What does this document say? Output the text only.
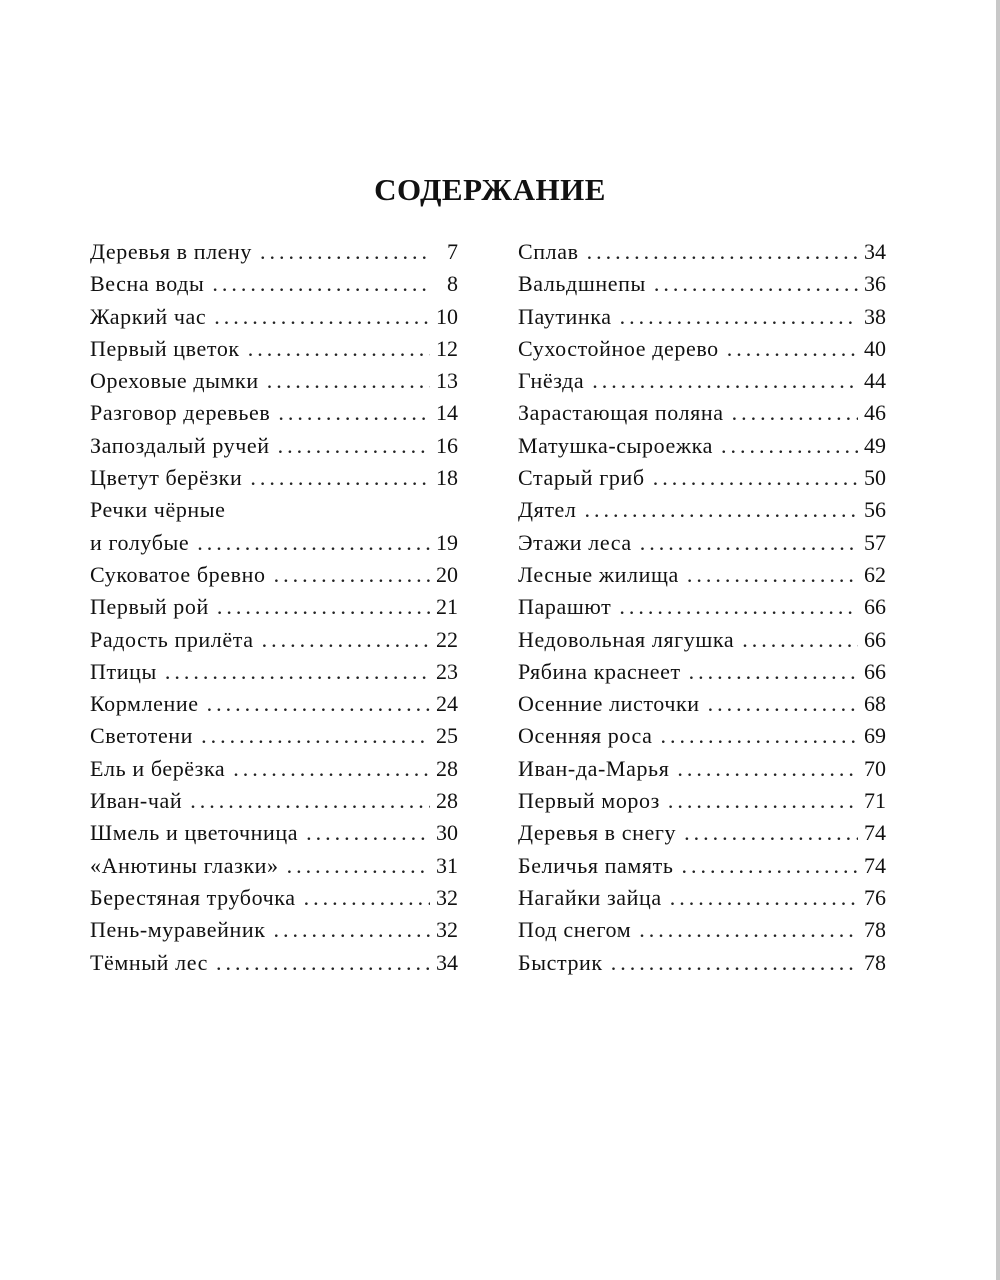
СОДЕРЖАНИЕ
Деревья в плену .....	7
Весна воды .....	8
Жаркий час .....	10
Первый цветок .....	12
Ореховые дымки .....	13
Разговор деревьев .....	14
Запоздалый ручей .....	16
Цветут берёзки .....	18
Речки чёрные
и голубые .....	19
Суковатое бревно .....	20
Первый рой .....	21
Радость прилёта .....	22
Птицы .....	23
Кормление .....	24
Светотени .....	25
Ель и берёзка .....	28
Иван-чай .....	28
Шмель и цветочница .....	30
«Анютины глазки» .....	31
Берестяная трубочка .....	32
Пень-муравейник .....	32
Тёмный лес .....	34
Сплав .....	34
Вальдшнепы .....	36
Паутинка .....	38
Сухостойное дерево .....	40
Гнёзда .....	44
Зарастающая поляна .....	46
Матушка-сыроежка .....	49
Старый гриб .....	50
Дятел .....	56
Этажи леса .....	57
Лесные жилища .....	62
Парашют .....	66
Недовольная лягушка .....	66
Рябина краснеет .....	66
Осенние листочки .....	68
Осенняя роса .....	69
Иван-да-Марья .....	70
Первый мороз .....	71
Деревья в снегу .....	74
Беличья память .....	74
Нагайки зайца .....	76
Под снегом .....	78
Быстрик .....	78
